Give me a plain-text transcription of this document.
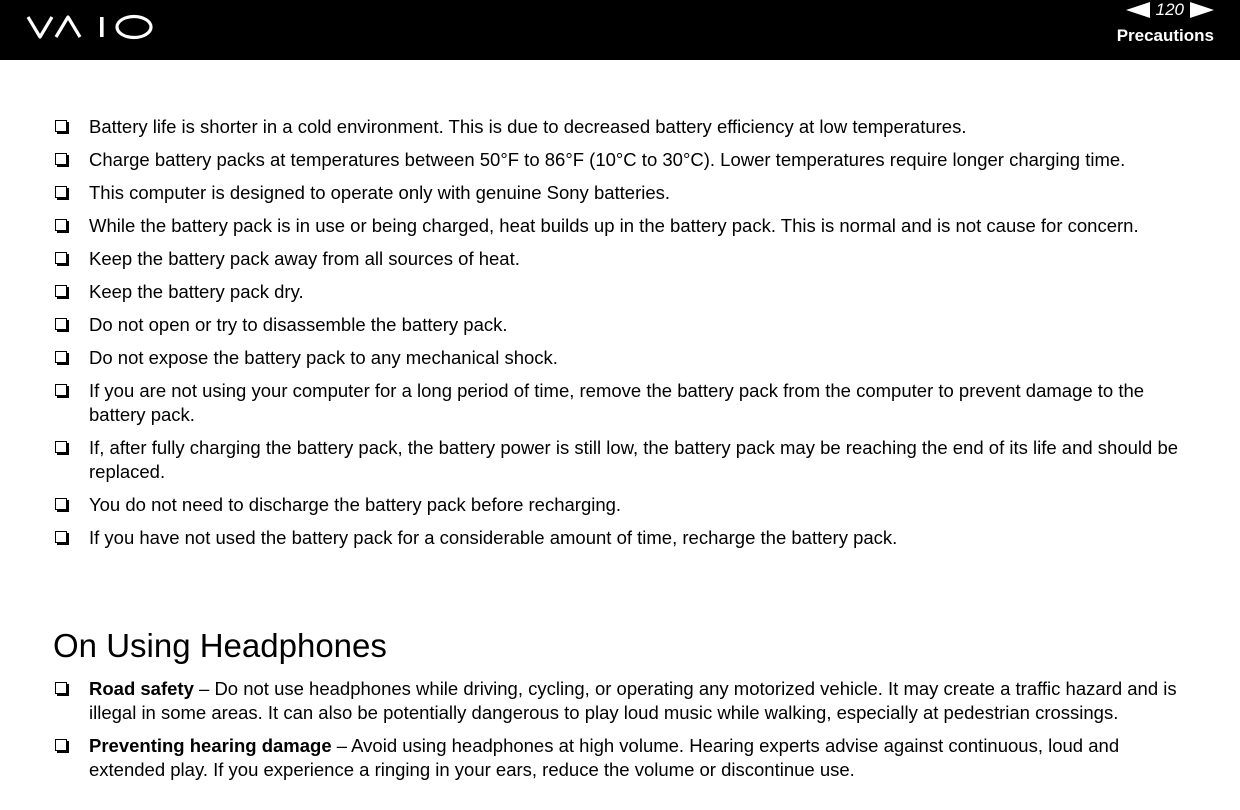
120
Precautions
Battery life is shorter in a cold environment. This is due to decreased battery efficiency at low temperatures.
Charge battery packs at temperatures between 50°F to 86°F (10°C to 30°C). Lower temperatures require longer charging time.
This computer is designed to operate only with genuine Sony batteries.
While the battery pack is in use or being charged, heat builds up in the battery pack. This is normal and is not cause for concern.
Keep the battery pack away from all sources of heat.
Keep the battery pack dry.
Do not open or try to disassemble the battery pack.
Do not expose the battery pack to any mechanical shock.
If you are not using your computer for a long period of time, remove the battery pack from the computer to prevent damage to the battery pack.
If, after fully charging the battery pack, the battery power is still low, the battery pack may be reaching the end of its life and should be replaced.
You do not need to discharge the battery pack before recharging.
If you have not used the battery pack for a considerable amount of time, recharge the battery pack.
On Using Headphones
Road safety – Do not use headphones while driving, cycling, or operating any motorized vehicle. It may create a traffic hazard and is illegal in some areas. It can also be potentially dangerous to play loud music while walking, especially at pedestrian crossings.
Preventing hearing damage – Avoid using headphones at high volume. Hearing experts advise against continuous, loud and extended play. If you experience a ringing in your ears, reduce the volume or discontinue use.
